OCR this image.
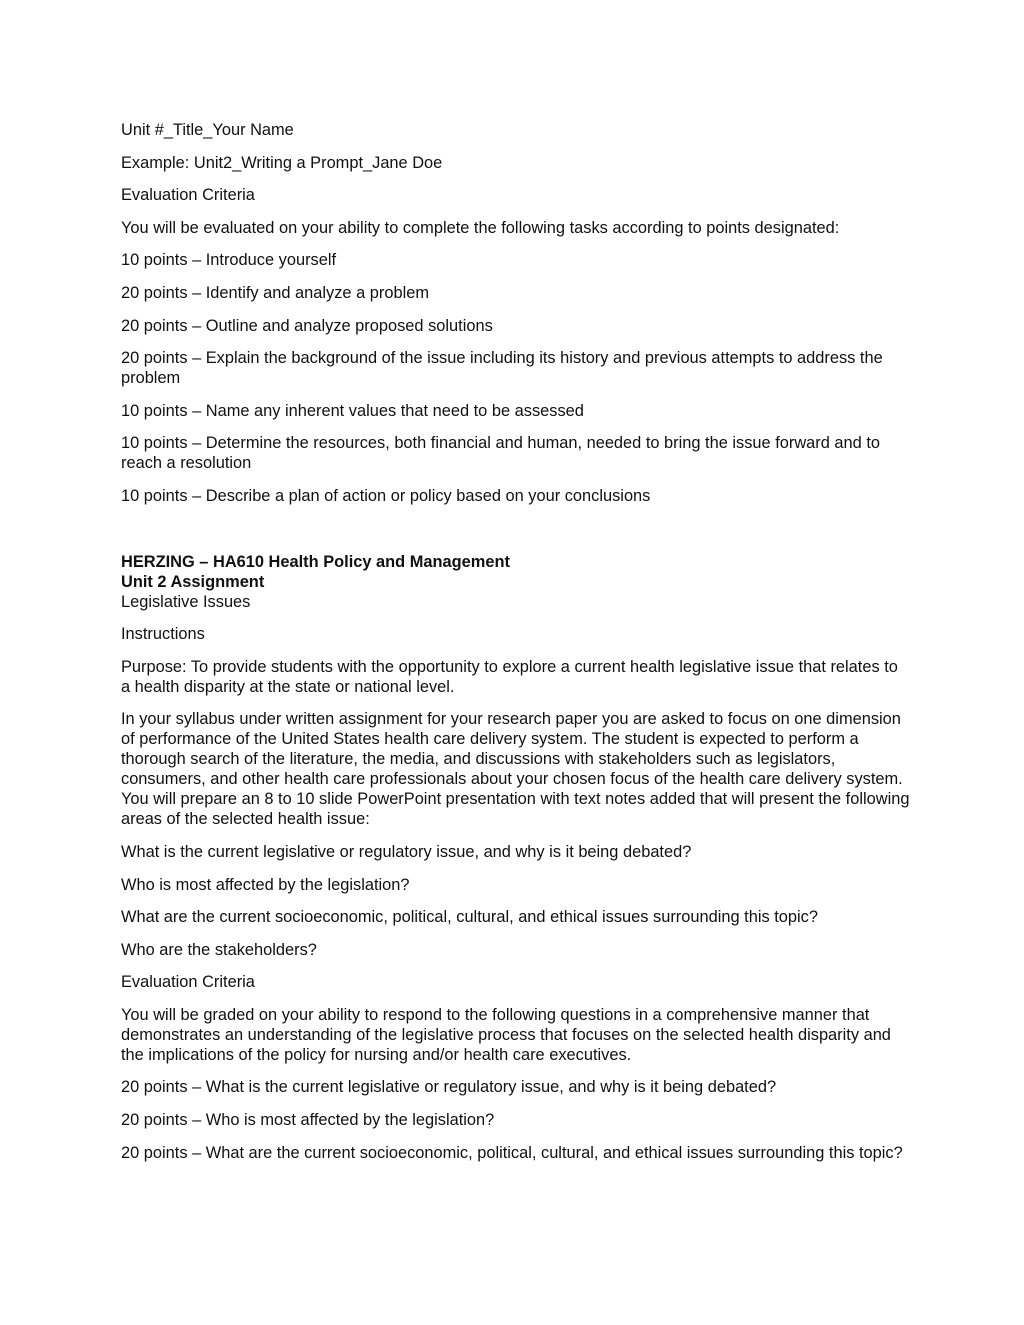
Unit #_Title_Your Name

Example: Unit2_Writing a Prompt_Jane Doe

Evaluation Criteria

You will be evaluated on your ability to complete the following tasks according to points designated:

10 points – Introduce yourself

20 points – Identify and analyze a problem

20 points – Outline and analyze proposed solutions

20 points – Explain the background of the issue including its history and previous attempts to address the problem

10 points – Name any inherent values that need to be assessed

10 points – Determine the resources, both financial and human, needed to bring the issue forward and to reach a resolution

10 points – Describe a plan of action or policy based on your conclusions

HERZING – HA610 Health Policy and Management
Unit 2 Assignment
Legislative Issues

Instructions

Purpose: To provide students with the opportunity to explore a current health legislative issue that relates to a health disparity at the state or national level.

In your syllabus under written assignment for your research paper you are asked to focus on one dimension of performance of the United States health care delivery system. The student is expected to perform a thorough search of the literature, the media, and discussions with stakeholders such as legislators, consumers, and other health care professionals about your chosen focus of the health care delivery system. You will prepare an 8 to 10 slide PowerPoint presentation with text notes added that will present the following areas of the selected health issue:

What is the current legislative or regulatory issue, and why is it being debated?

Who is most affected by the legislation?

What are the current socioeconomic, political, cultural, and ethical issues surrounding this topic?

Who are the stakeholders?

Evaluation Criteria

You will be graded on your ability to respond to the following questions in a comprehensive manner that demonstrates an understanding of the legislative process that focuses on the selected health disparity and the implications of the policy for nursing and/or health care executives.

20 points – What is the current legislative or regulatory issue, and why is it being debated?

20 points – Who is most affected by the legislation?

20 points – What are the current socioeconomic, political, cultural, and ethical issues surrounding this topic?
